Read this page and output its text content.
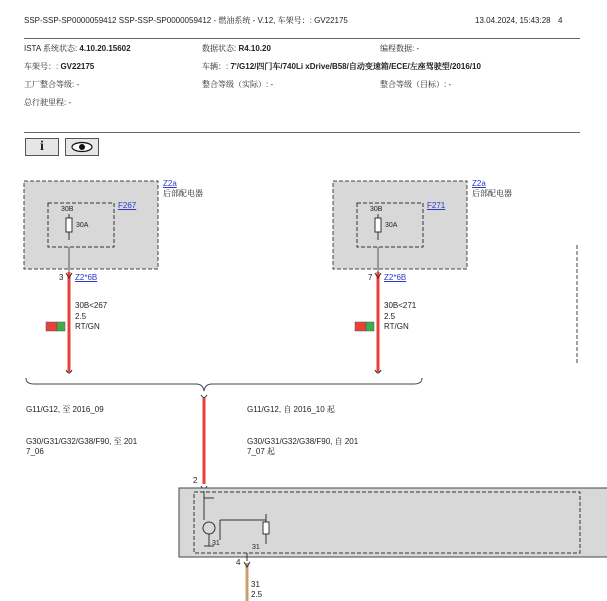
SSP-SSP-SP0000059412 SSP-SSP-SP0000059412 - 燃油系统 - V.12, 车架号：: GV22175	13.04.2024, 15:43:28 4
ISTA 系统状态: 4.10.20.15602	数据状态: R4.10.20	编程数据: -
车架号：: GV22175	车辆：: 7'/G12/四门车/740Li xDrive/B58/自动变速箱/ECE/左座驾驶型/2016/10
工厂整合等级: -	整合等级（实际）: -	整合等级（目标）: -
总行驶里程: -
i
Z2a
后部配电器
F267
30B
30A
3 Z2*6B
30B<267
2.5
RT/GN
Z2a
后部配电器
F271
30B
30A
7 Z2*6B
30B<271
2.5
RT/GN
G11/G12, 至 2016_09
G30/G31/G32/G38/F90, 至 201
7_06
G11/G12, 自 2016_10 起
G30/G31/G32/G38/F90, 自 201
7_07 起
2
31
31
4
31
2.5
